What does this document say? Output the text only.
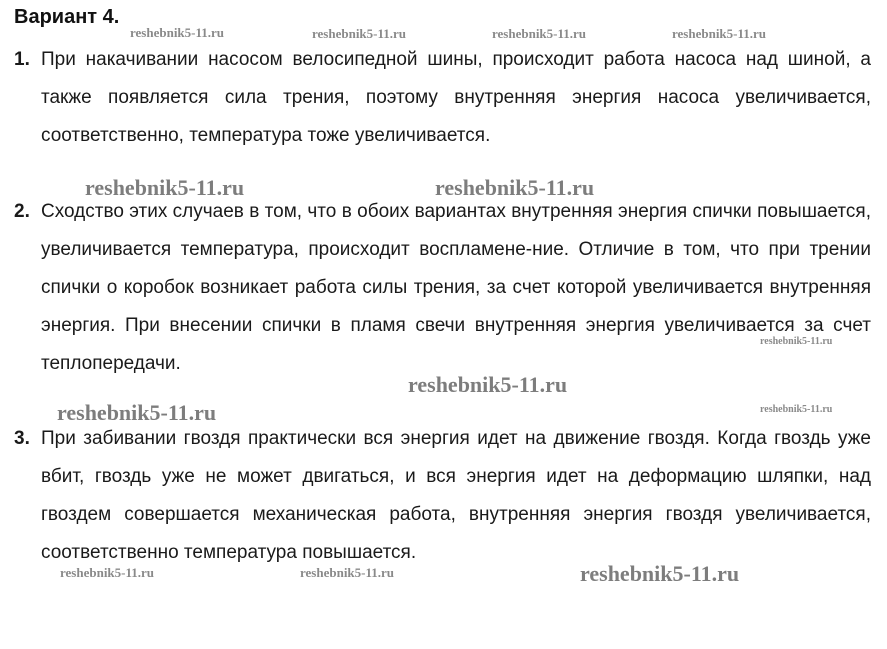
Вариант 4.
1. При накачивании насосом велосипедной шины, происходит работа насоса над шиной, а также появляется сила трения, поэтому внутренняя энергия насоса увеличивается, соответственно, температура тоже увеличивается.
2. Сходство этих случаев в том, что в обоих вариантах внутренняя энергия спички повышается, увеличивается температура, происходит воспламене-ние. Отличие в том, что при трении спички о коробок возникает работа силы трения, за счет которой увеличивается внутренняя энергия. При внесении спички в пламя свечи внутренняя энергия увеличивается за счет теплопередачи.
3. При забивании гвоздя практически вся энергия идет на движение гвоздя. Когда гвоздь уже вбит, гвоздь уже не может двигаться, и вся энергия идет на деформацию шляпки, над гвоздем совершается механическая работа, внутренняя энергия гвоздя увеличивается, соответственно температура повышается.
reshebnik5-11.ru	reshebnik5-11.ru	reshebnik5-11.ru	reshebnik5-11.ru
reshebnik5-11.ru	reshebnik5-11.ru
reshebnik5-11.ru
reshebnik5-11.ru
reshebnik5-11.ru	reshebnik5-11.ru
reshebnik5-11.ru	reshebnik5-11.ru	reshebnik5-11.ru
